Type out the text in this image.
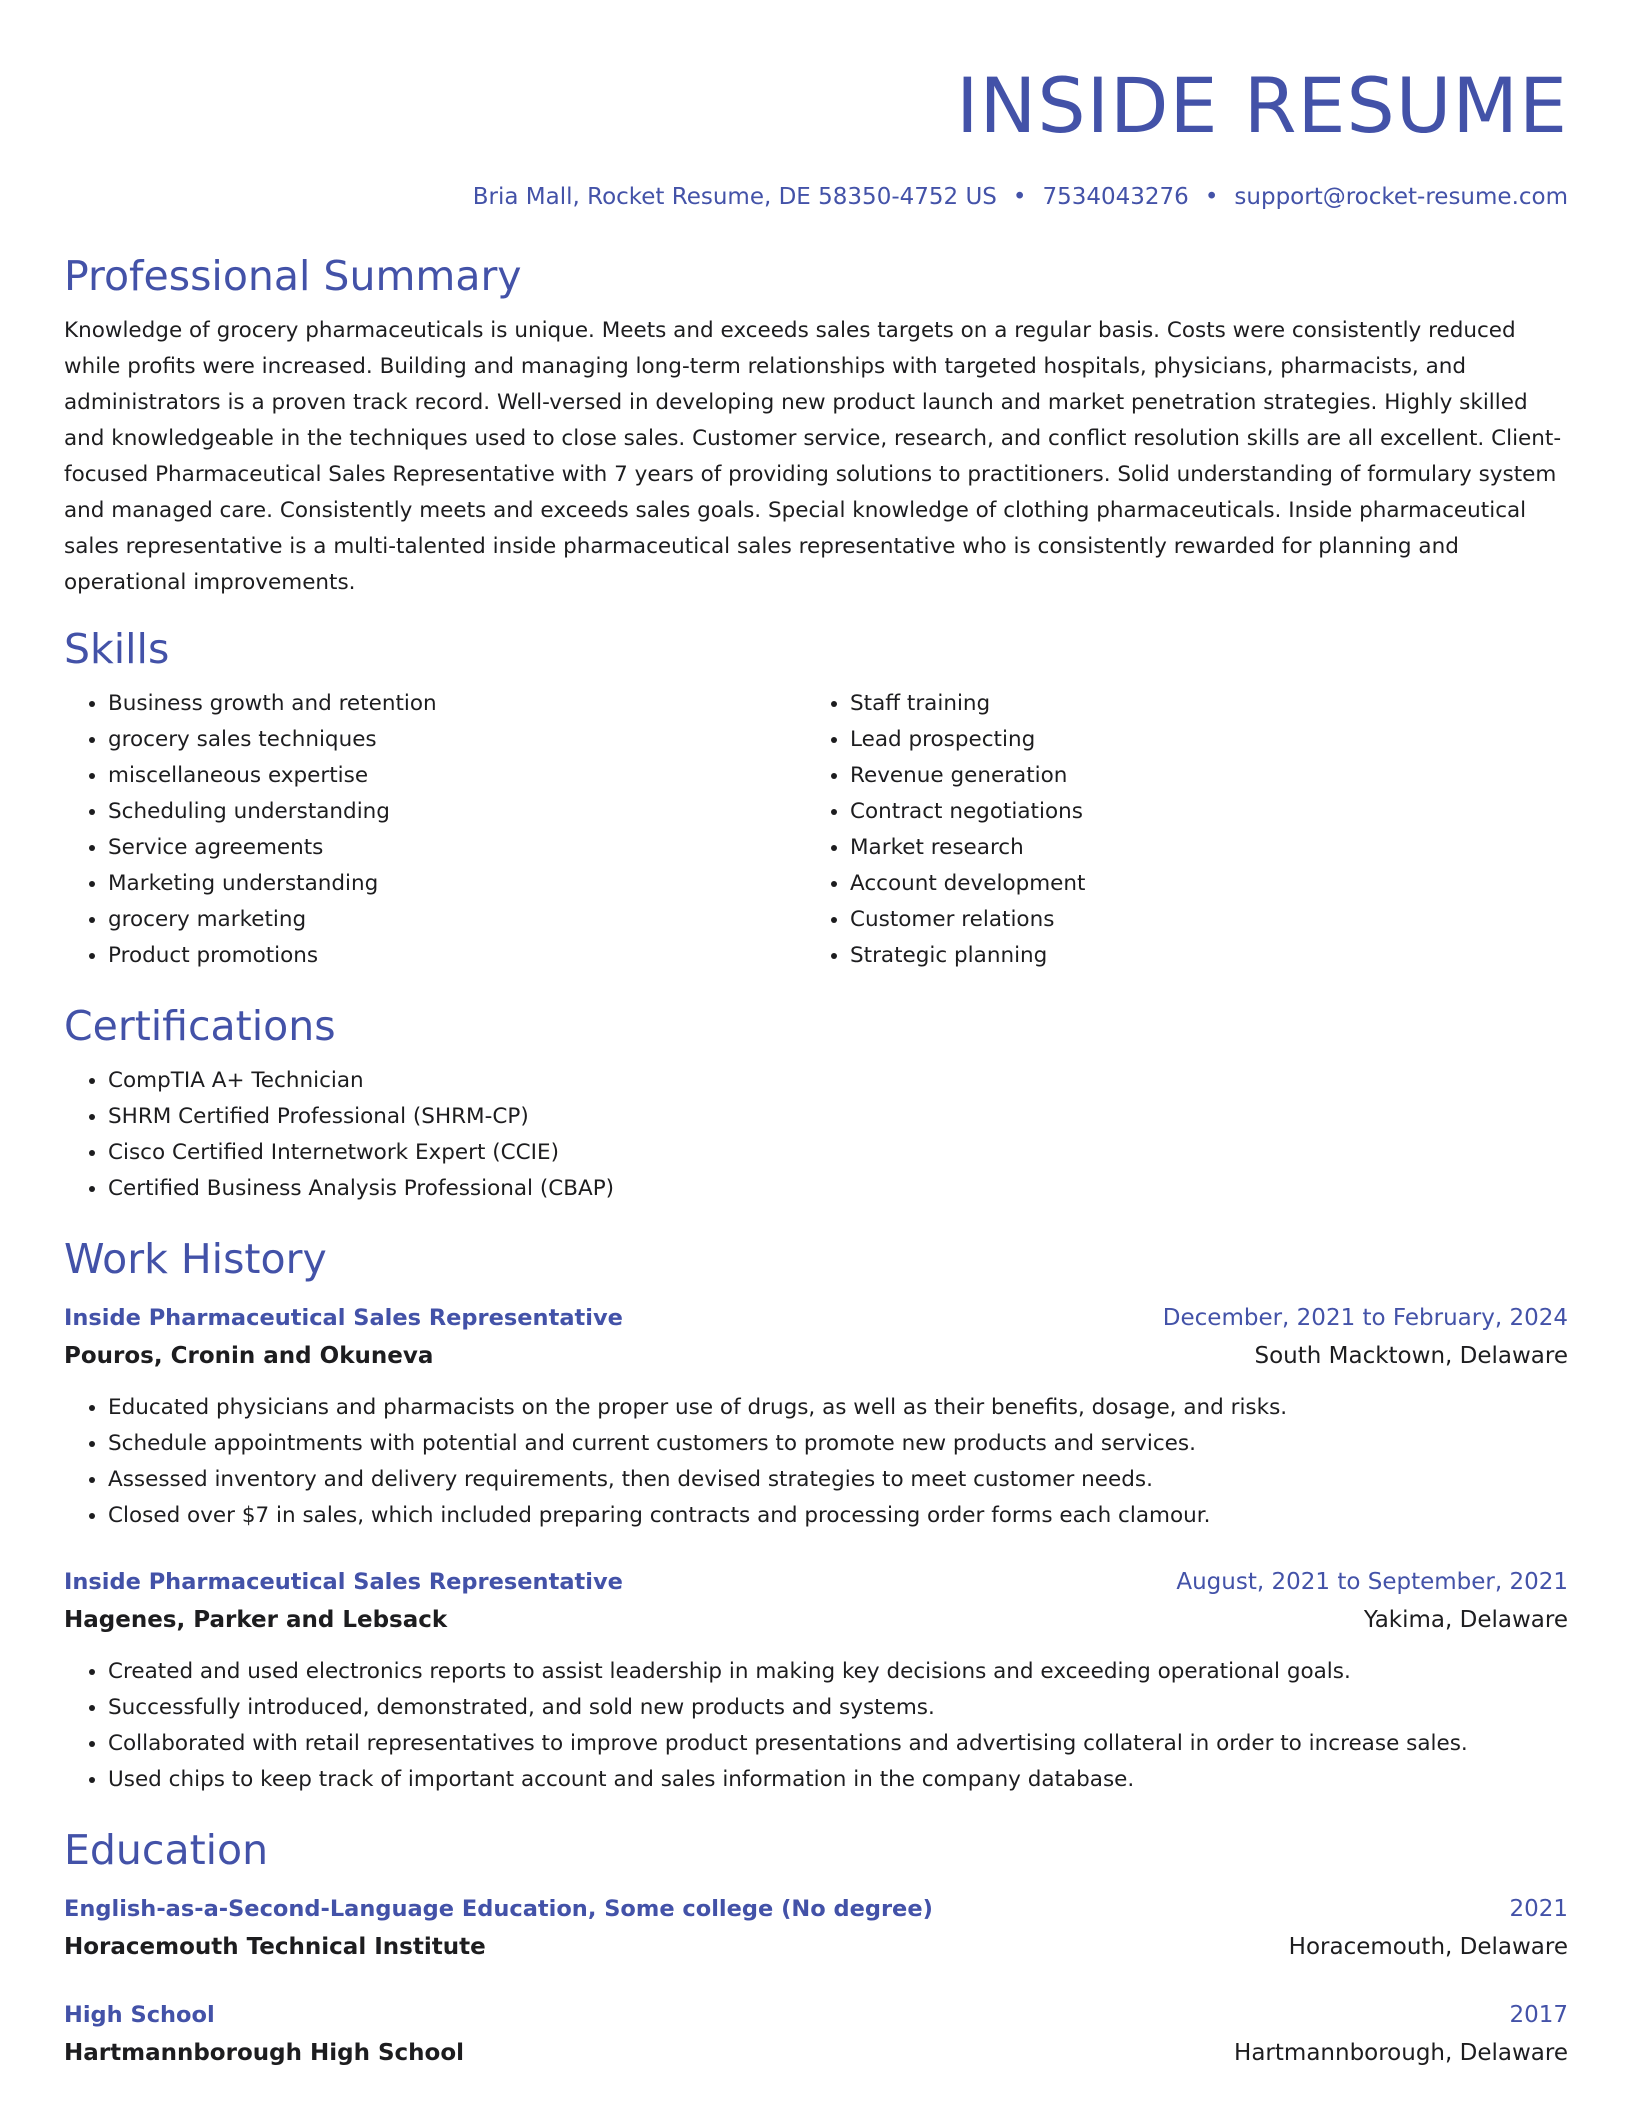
INSIDE RESUME
Bria Mall, Rocket Resume, DE 58350-4752 US • 7534043276 • support@rocket-resume.com
Professional Summary

Knowledge of grocery pharmaceuticals is unique. Meets and exceeds sales targets on a regular basis. Costs were consistently reduced while profits were increased. Building and managing long-term relationships with targeted hospitals, physicians, pharmacists, and administrators is a proven track record. Well-versed in developing new product launch and market penetration strategies. Highly skilled and knowledgeable in the techniques used to close sales. Customer service, research, and conflict resolution skills are all excellent. Client-focused Pharmaceutical Sales Representative with 7 years of providing solutions to practitioners. Solid understanding of formulary system and managed care. Consistently meets and exceeds sales goals. Special knowledge of clothing pharmaceuticals. Inside pharmaceutical sales representative is a multi-talented inside pharmaceutical sales representative who is consistently rewarded for planning and operational improvements.

Skills
• Business growth and retention
• grocery sales techniques
• miscellaneous expertise
• Scheduling understanding
• Service agreements
• Marketing understanding
• grocery marketing
• Product promotions
• Staff training
• Lead prospecting
• Revenue generation
• Contract negotiations
• Market research
• Account development
• Customer relations
• Strategic planning
Certifications
• CompTIA A+ Technician
• SHRM Certified Professional (SHRM-CP)
• Cisco Certified Internetwork Expert (CCIE)
• Certified Business Analysis Professional (CBAP)
Work History
Inside Pharmaceutical Sales Representative	December, 2021 to February, 2024
Pouros, Cronin and Okuneva	South Macktown, Delaware
• Educated physicians and pharmacists on the proper use of drugs, as well as their benefits, dosage, and risks.
• Schedule appointments with potential and current customers to promote new products and services.
• Assessed inventory and delivery requirements, then devised strategies to meet customer needs.
• Closed over $7 in sales, which included preparing contracts and processing order forms each clamour.
Inside Pharmaceutical Sales Representative	August, 2021 to September, 2021
Hagenes, Parker and Lebsack	Yakima, Delaware
• Created and used electronics reports to assist leadership in making key decisions and exceeding operational goals.
• Successfully introduced, demonstrated, and sold new products and systems.
• Collaborated with retail representatives to improve product presentations and advertising collateral in order to increase sales.
• Used chips to keep track of important account and sales information in the company database.
Education
English-as-a-Second-Language Education, Some college (No degree)	2021
Horacemouth Technical Institute	Horacemouth, Delaware
High School	2017
Hartmannborough High School	Hartmannborough, Delaware
